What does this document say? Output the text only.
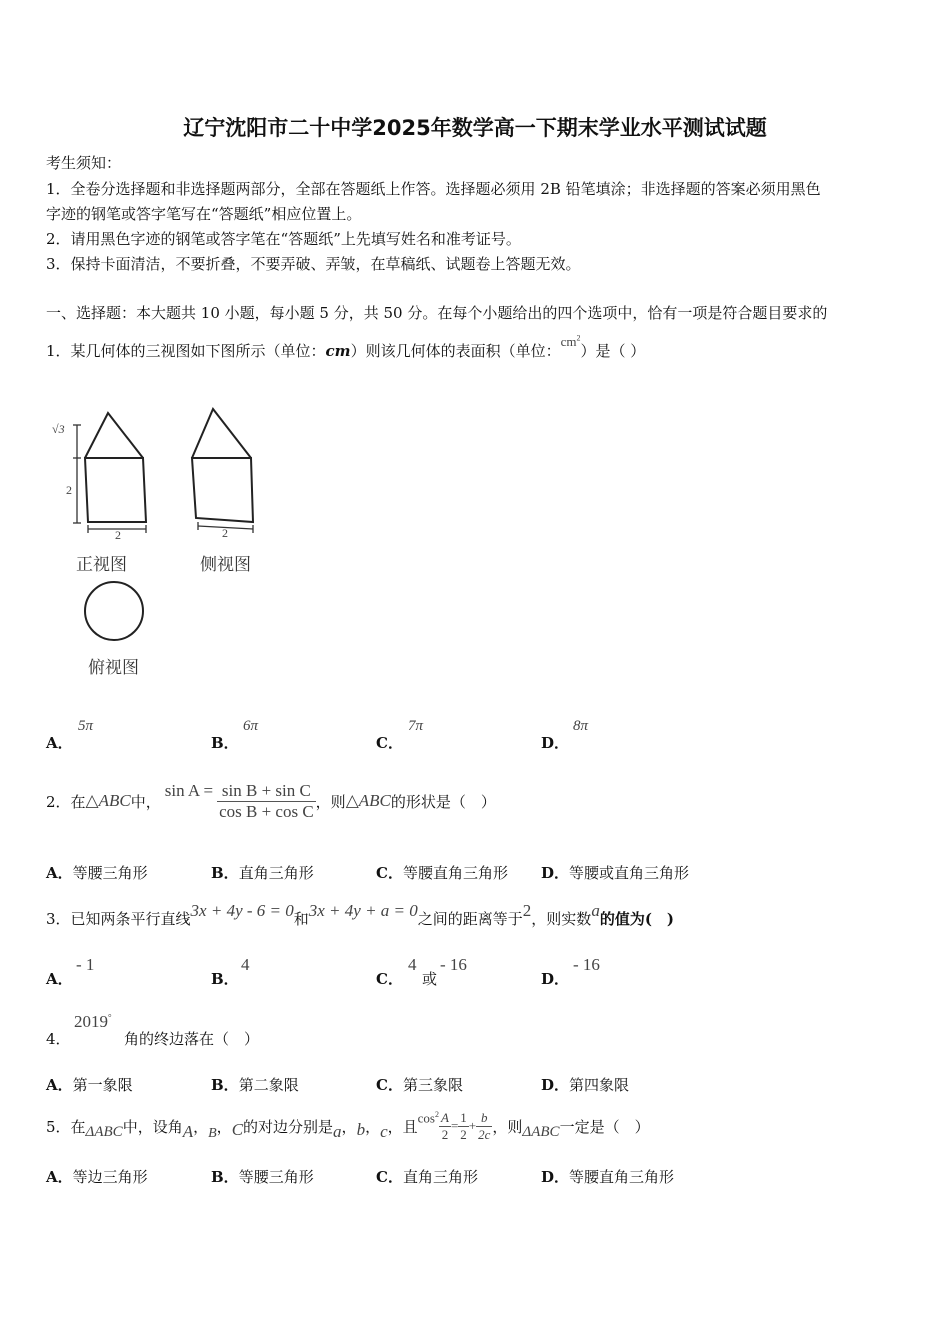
辽宁沈阳市二十中学2025年数学高一下期末学业水平测试试题
考生须知：
1．全卷分选择题和非选择题两部分，全部在答题纸上作答。选择题必须用 2B 铅笔填涂；非选择题的答案必须用黑色
字迹的钢笔或答字笔写在“答题纸”相应位置上。
2．请用黑色字迹的钢笔或答字笔在“答题纸”上先填写姓名和准考证号。
3．保持卡面清洁，不要折叠，不要弄破、弄皱，在草稿纸、试题卷上答题无效。
一、选择题：本大题共 10 小题，每小题 5 分，共 50 分。在每个小题给出的四个选项中，恰有一项是符合题目要求的
1．某几何体的三视图如下图所示（单位：cm）则该几何体的表面积（单位：$cm^2$）是（ ）
√3
2
2	2
正视图	侧视图
俯视图
A．
5π
B．
6π
C．
7π
D．
8π
2．在 △ABC 中，
$\sin A = \frac{\text{sin B + sin C}}{\text{cos B + cos C}}$ ，则 △ABC 的形状是（　）
A．等腰三角形	B．直角三角形	C．等腰直角三角形 D．等腰或直角三角形
3．已知两条平行直线3x + 4y - 6 = 0和3x + 4y + a = 0之间的距离等于2，则实数a的值为(　)
A．
- 1
B．
4
C．
4
或
- 16
D．
- 16
4．
2019°
角的终边落在（　）
A．第一象限	B．第二象限	C．第三象限	D．第四象限
5．在 ΔABC 中，设角 A ， B ， C 的对边分别是 a ， b ， c ，且 $\cos^2 \frac{A}{2} = \frac{1}{2} + \frac{b}{2c}$ ，则 ΔABC 一定是（　）
A．等边三角形	B．等腰三角形	C．直角三角形	D．等腰直角三角形
